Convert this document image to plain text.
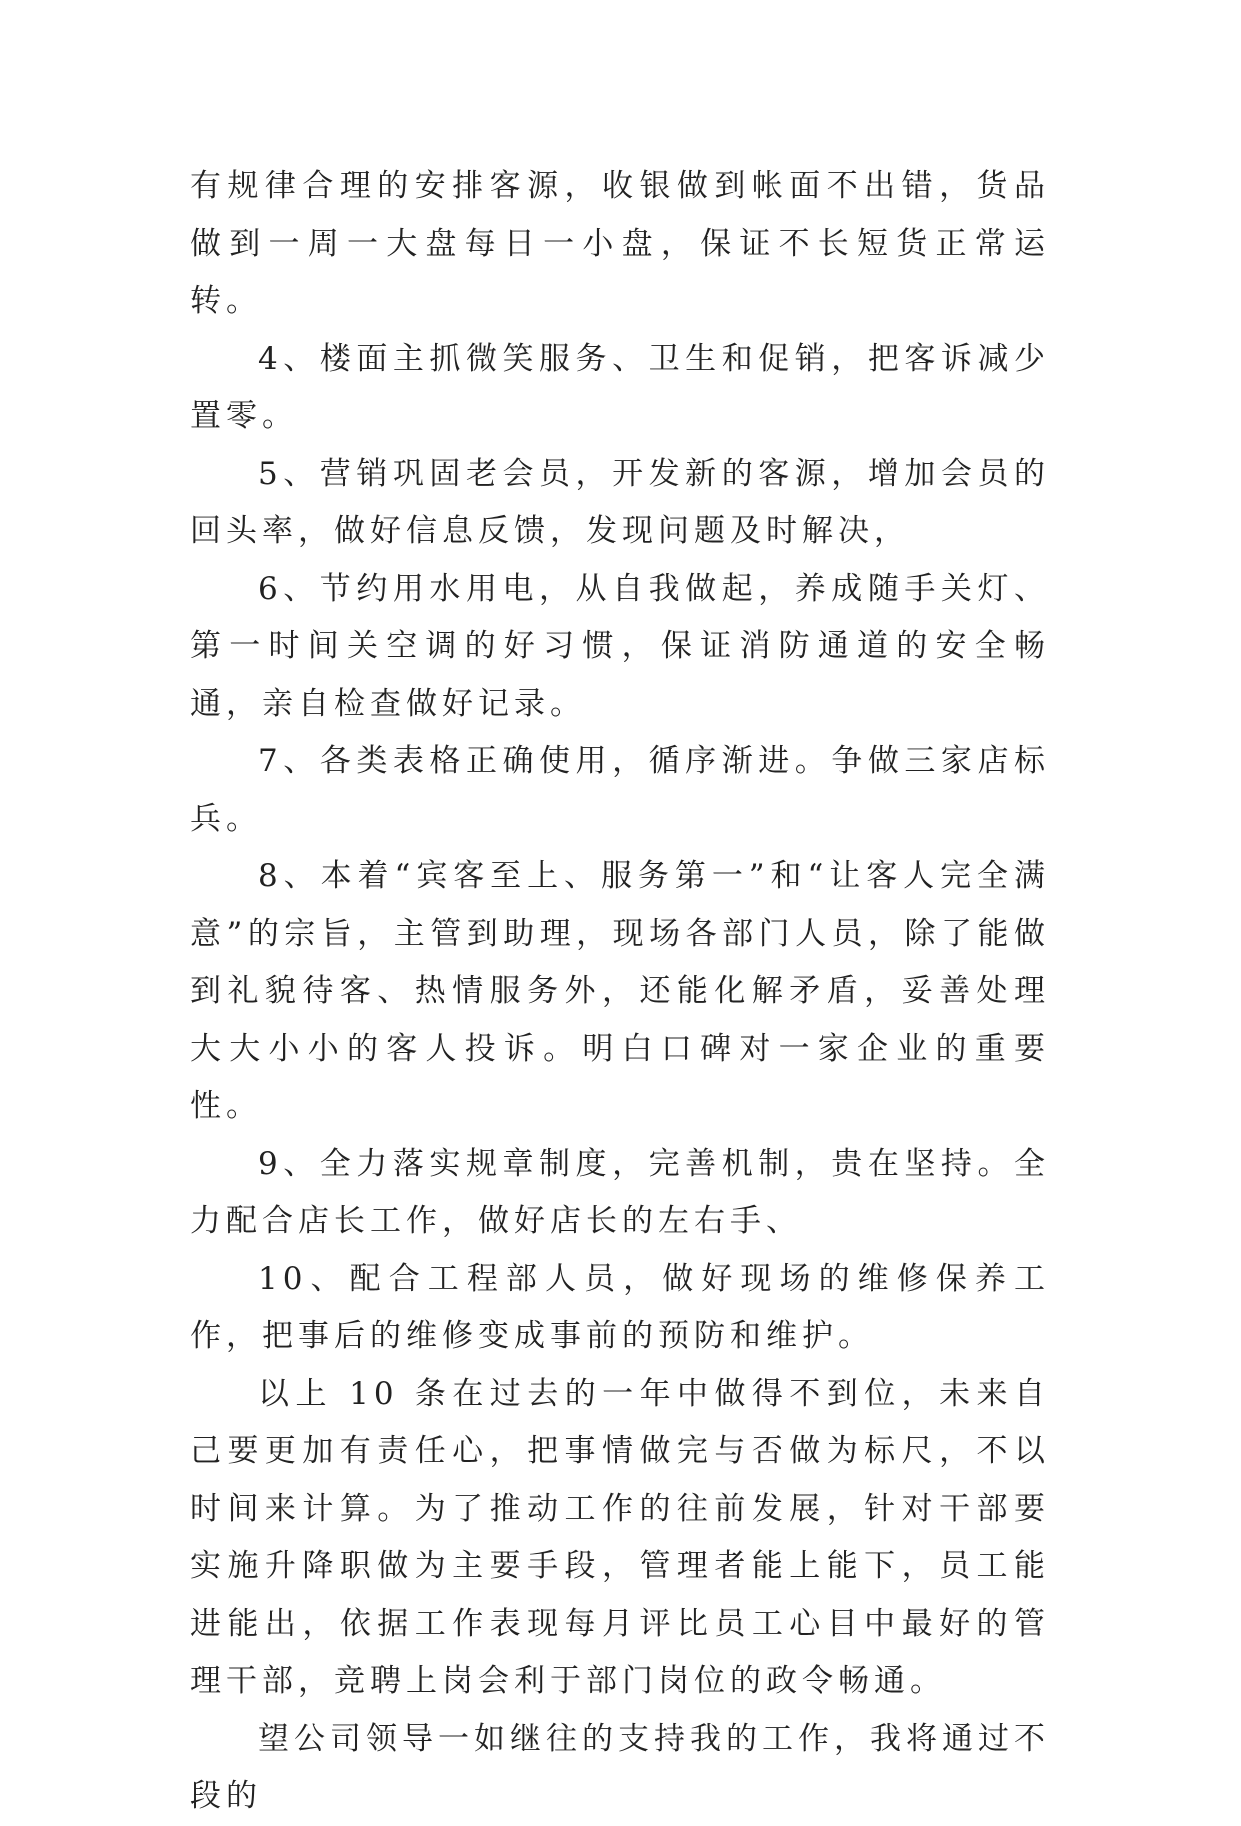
有规律合理的安排客源，收银做到帐面不出错，货品做到一周一大盘每日一小盘，保证不长短货正常运转。

4、楼面主抓微笑服务、卫生和促销，把客诉减少置零。

5、营销巩固老会员，开发新的客源，增加会员的回头率，做好信息反馈，发现问题及时解决，

6、节约用水用电，从自我做起，养成随手关灯、第一时间关空调的好习惯，保证消防通道的安全畅通，亲自检查做好记录。

7、各类表格正确使用，循序渐进。争做三家店标兵。

8、本着“宾客至上、服务第一”和“让客人完全满意”的宗旨，主管到助理，现场各部门人员，除了能做到礼貌待客、热情服务外，还能化解矛盾，妥善处理大大小小的客人投诉。明白口碑对一家企业的重要性。

9、全力落实规章制度，完善机制，贵在坚持。全力配合店长工作，做好店长的左右手、

10、配合工程部人员，做好现场的维修保养工作，把事后的维修变成事前的预防和维护。

以上 10 条在过去的一年中做得不到位，未来自己要更加有责任心，把事情做完与否做为标尺，不以时间来计算。为了推动工作的往前发展，针对干部要实施升降职做为主要手段，管理者能上能下，员工能进能出，依据工作表现每月评比员工心目中最好的管理干部，竞聘上岗会利于部门岗位的政令畅通。

望公司领导一如继往的支持我的工作，我将通过不段的
